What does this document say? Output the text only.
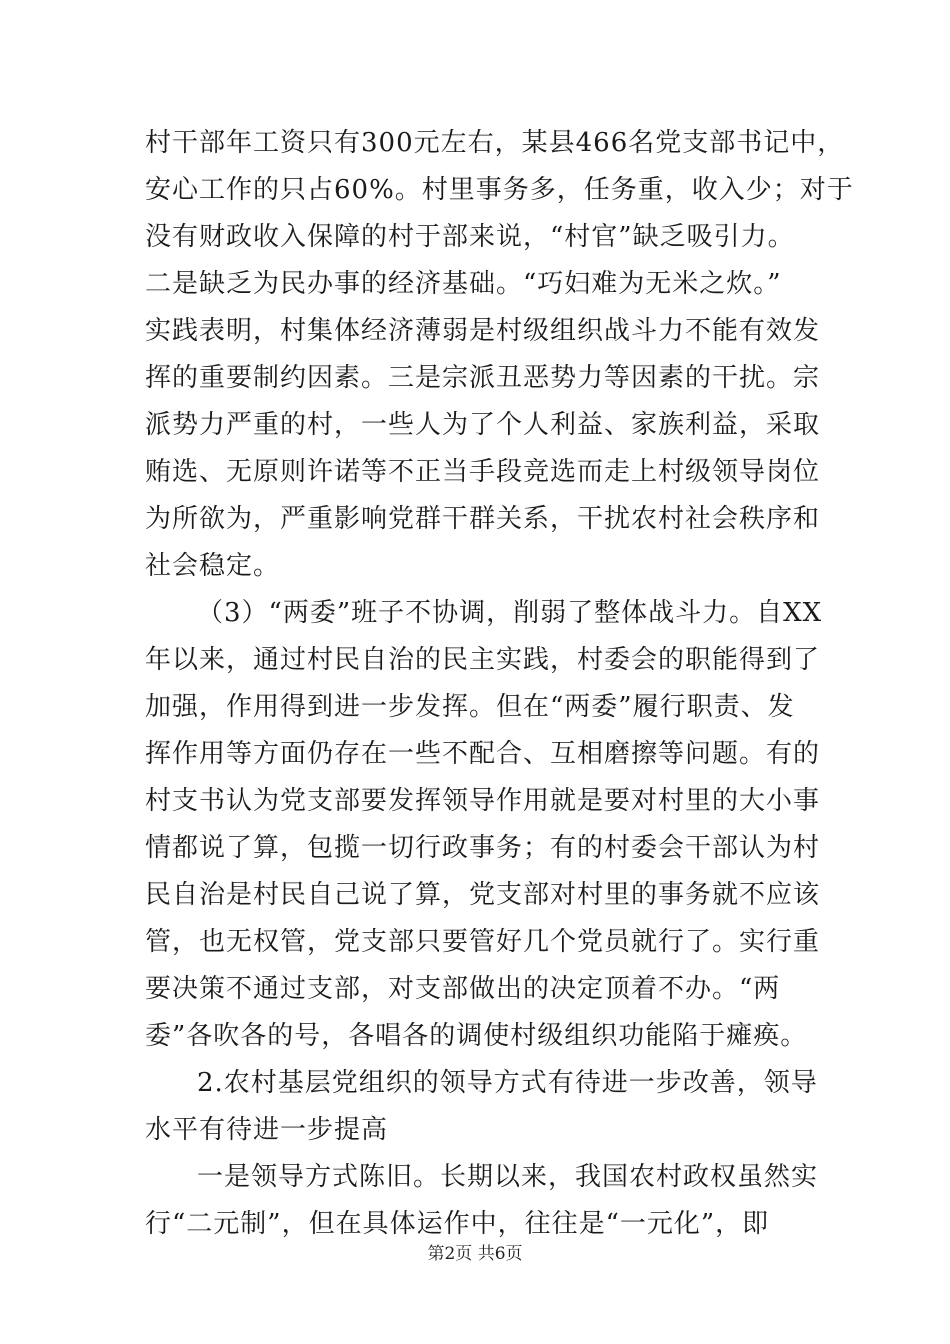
村干部年工资只有300元左右，某县466名党支部书记中，
安心工作的只占60%。村里事务多，任务重，收入少；对于
没有财政收入保障的村于部来说，“村官”缺乏吸引力。
二是缺乏为民办事的经济基础。“巧妇难为无米之炊。”
实践表明，村集体经济薄弱是村级组织战斗力不能有效发
挥的重要制约因素。三是宗派丑恶势力等因素的干扰。宗
派势力严重的村，一些人为了个人利益、家族利益，采取
贿选、无原则许诺等不正当手段竞选而走上村级领导岗位
为所欲为，严重影响党群干群关系，干扰农村社会秩序和
社会稳定。
（3）“两委”班子不协调，削弱了整体战斗力。自XX
年以来，通过村民自治的民主实践，村委会的职能得到了
加强，作用得到进一步发挥。但在“两委”履行职责、发
挥作用等方面仍存在一些不配合、互相磨擦等问题。有的
村支书认为党支部要发挥领导作用就是要对村里的大小事
情都说了算，包揽一切行政事务；有的村委会干部认为村
民自治是村民自己说了算，党支部对村里的事务就不应该
管，也无权管，党支部只要管好几个党员就行了。实行重
要决策不通过支部，对支部做出的决定顶着不办。“两
委”各吹各的号，各唱各的调使村级组织功能陷于瘫痪。
2.农村基层党组织的领导方式有待进一步改善，领导
水平有待进一步提高
一是领导方式陈旧。长期以来，我国农村政权虽然实
行“二元制”，但在具体运作中，往往是“一元化”，即
第2页 共6页
